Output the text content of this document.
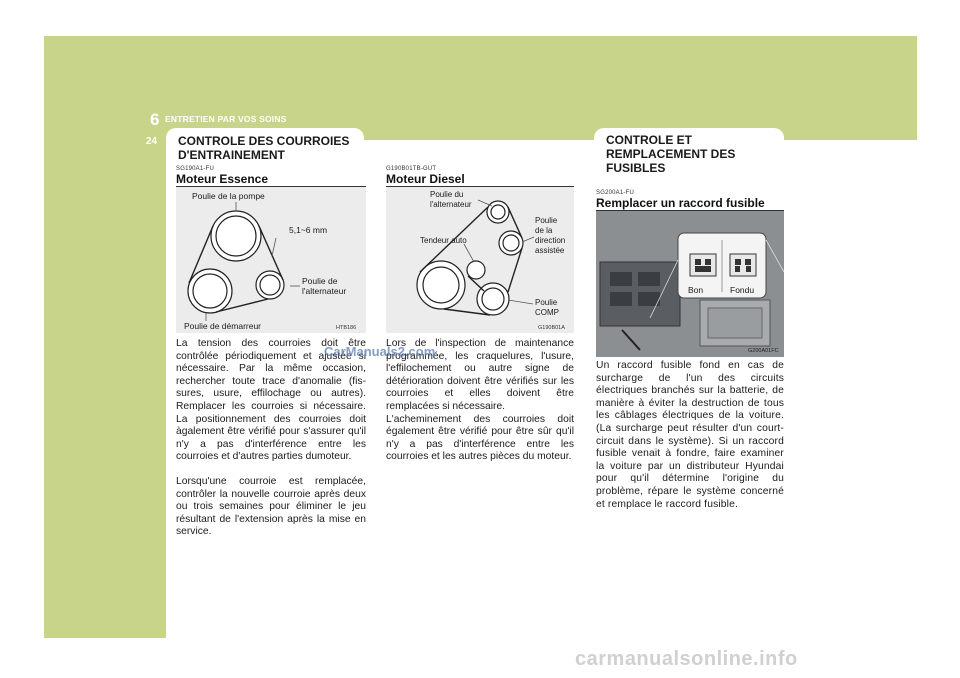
6 ENTRETIEN PAR VOS SOINS
24 CONTROLE DES COURROIES
D'ENTRAINEMENT
CONTROLE ET
REMPLACEMENT DES
FUSIBLES
SG190A1-FU
Moteur Essence
Poulie de la pompe
5,1~6 mm
Poulie de
l'alternateur
Poulie de démarreur	HTB186

La tension des courroies doit être contrôlée périodiquement et ajustée si nécessaire. Par la même occasion, rechercher toute trace d'anomalie (fis-sures, usure, effilochage ou autres). Remplacer les courroies si nécessaire. La positionnement des courroies doit àgalement être vérifié pour s'assurer qu'il n'y a pas d'interférence entre les courroies et d'autres parties dumoteur.

Lorsqu'une courroie est remplacée, contrôler la nouvelle courroie après deux ou trois semaines pour éliminer le jeu résultant de l'extension après la mise en service.

G190B01TB-GUT
Moteur Diesel
Poulie du
l'alternateur
Tendeur auto
Poulie
de la
direction
assistée
Poulie
COMP
G190B01A

Lors de l'inspection de maintenance programmée, les craquelures, l'usure, l'effilochement ou autre signe de détérioration doivent être vérifiés sur les courroies et elles doivent être remplacées si nécessaire.

L'acheminement des courroies doit également être vérifié pour être sûr qu'il n'y a pas d'interférence entre les courroies et les autres pièces du moteur.

SG200A1-FU
Remplacer un raccord fusible
Bon	Fondu
G200A01FC

Un raccord fusible fond en cas de surcharge de l'un des circuits électriques branchés sur la batterie, de manière à éviter la destruction de tous les câblages électriques de la voiture. (La surcharge peut résulter d'un court-circuit dans le système). Si un raccord fusible venait à fondre, faire examiner la voiture par un distributeur Hyundai pour qu'il détermine l'origine du problème, répare le système concerné et remplace le raccord fusible.

CarManuals2.com
carmanualsonline.info
